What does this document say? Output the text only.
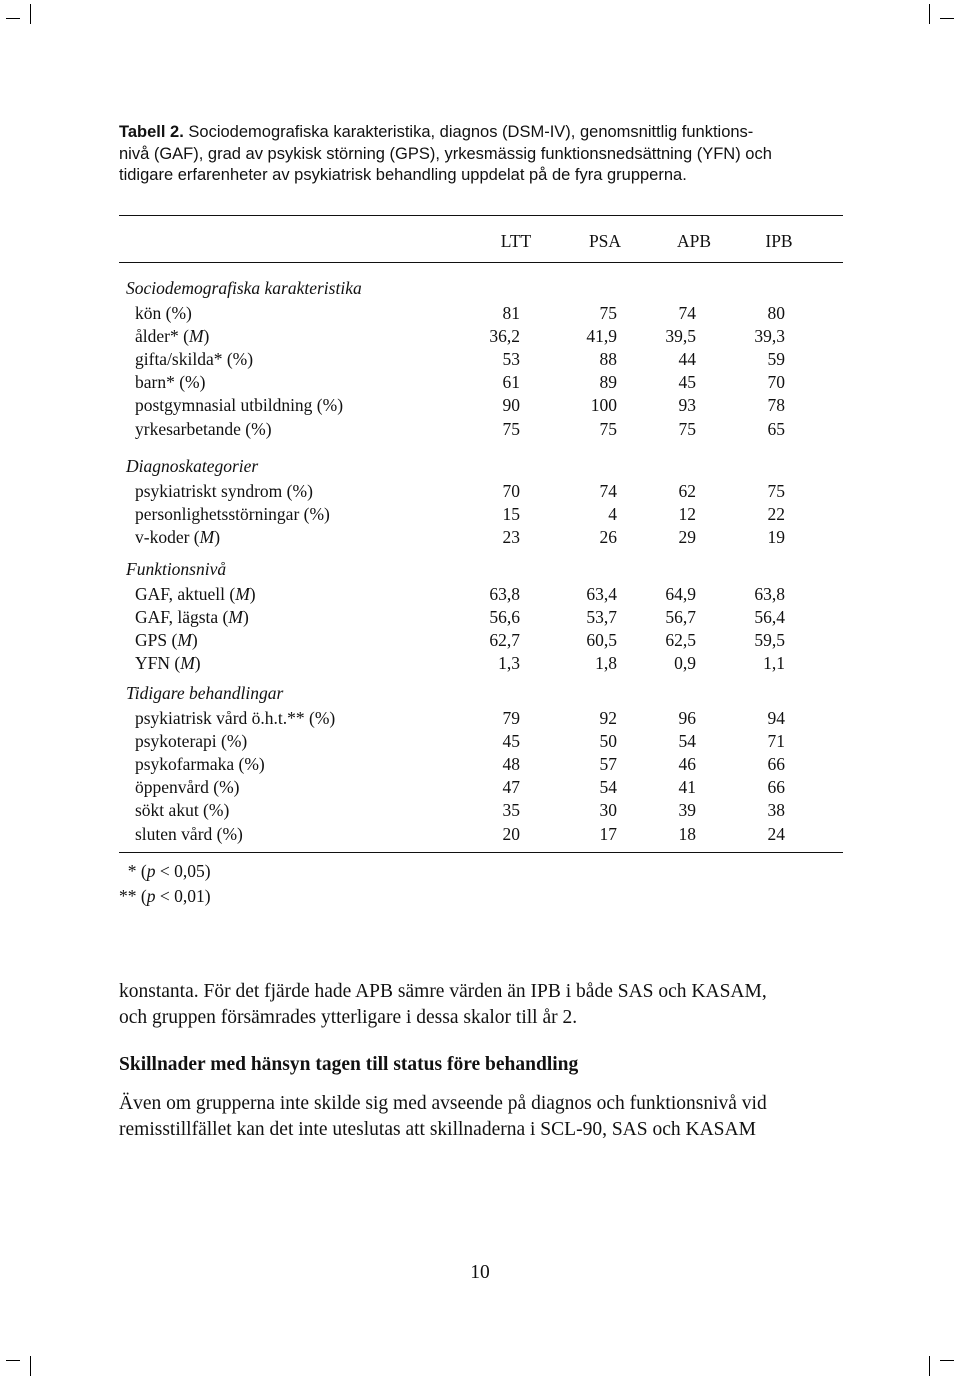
Tabell 2. Sociodemografiska karakteristika, diagnos (DSM-IV), genomsnittlig funktions-
nivå (GAF), grad av psykisk störning (GPS), yrkesmässig funktionsnedsättning (YFN) och
tidigare erfarenheter av psykiatrisk behandling uppdelat på de fyra grupperna.
LTT	PSA	APB	IPB
Sociodemografiska karakteristika
kön (%)	81	75	74	80
ålder* (M)	36,2	41,9	39,5	39,3
gifta/skilda* (%)	53	88	44	59
barn* (%)	61	89	45	70
postgymnasial utbildning (%)	90	100	93	78
yrkesarbetande (%)	75	75	75	65
Diagnoskategorier
psykiatriskt syndrom (%)	70	74	62	75
personlighetsstörningar (%)	15	4	12	22
v-koder (M)	23	26	29	19
Funktionsnivå
GAF, aktuell (M)	63,8	63,4	64,9	63,8
GAF, lägsta (M)	56,6	53,7	56,7	56,4
GPS (M)	62,7	60,5	62,5	59,5
YFN (M)	1,3	1,8	0,9	1,1
Tidigare behandlingar
psykiatrisk vård ö.h.t.** (%)	79	92	96	94
psykoterapi (%)	45	50	54	71
psykofarmaka (%)	48	57	46	66
öppenvård (%)	47	54	41	66
sökt akut (%)	35	30	39	38
sluten vård (%)	20	17	18	24
* (p < 0,05)
** (p < 0,01)
konstanta. För det fjärde hade APB sämre värden än IPB i både SAS och KASAM,
och gruppen försämrades ytterligare i dessa skalor till år 2.
Skillnader med hänsyn tagen till status före behandling
Även om grupperna inte skilde sig med avseende på diagnos och funktionsnivå vid
remisstillfället kan det inte uteslutas att skillnaderna i SCL-90, SAS och KASAM
10
